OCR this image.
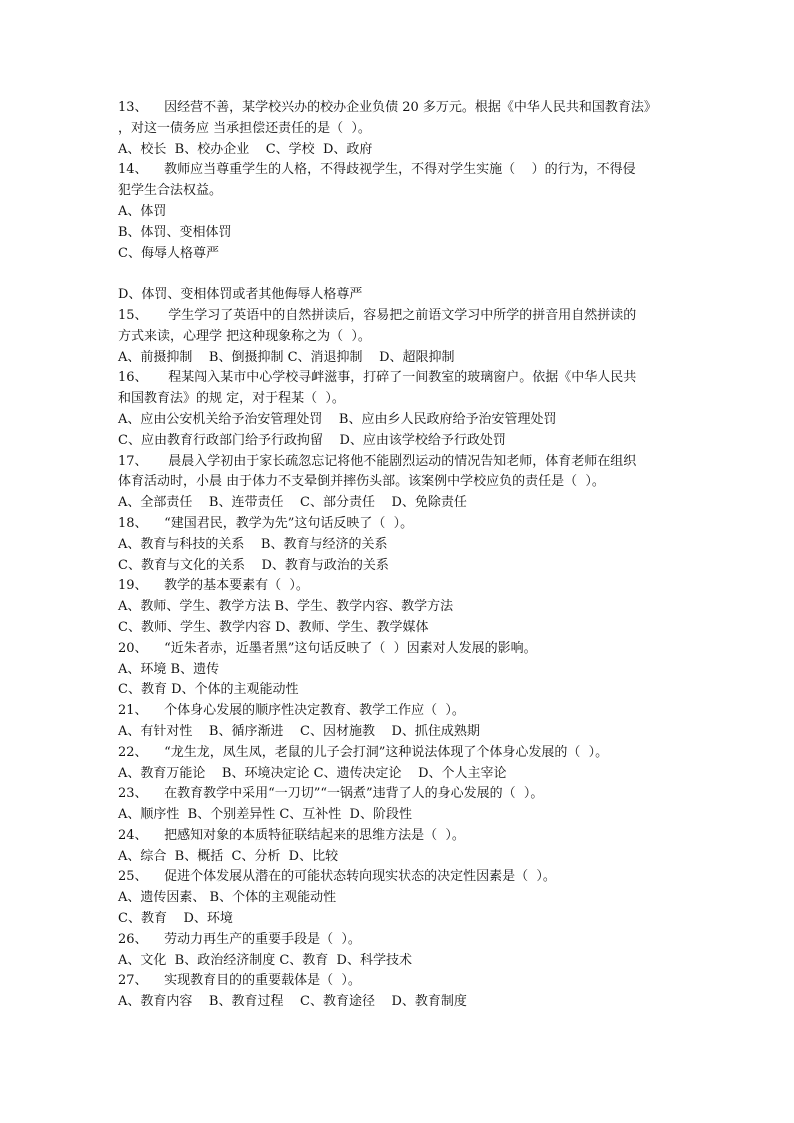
13、    因经营不善，某学校兴办的校办企业负债 20 多万元。根据《中华人民共和国教育法》
，对这一债务应 当承担偿还责任的是（  ）。
A、校长  B、校办企业    C、学校  D、政府
14、    教师应当尊重学生的人格，不得歧视学生，不得对学生实施（    ）的行为，不得侵
犯学生合法权益。
A、体罚
B、体罚、变相体罚
C、侮辱人格尊严
D、体罚、变相体罚或者其他侮辱人格尊严
15、     学生学习了英语中的自然拼读后，容易把之前语文学习中所学的拼音用自然拼读的
方式来读，心理学 把这种现象称之为（  ）。
A、前摄抑制    B、倒摄抑制 C、消退抑制    D、超限抑制
16、     程某闯入某市中心学校寻衅滋事，打碎了一间教室的玻璃窗户。依据《中华人民共
和国教育法》的规 定，对于程某（  ）。
A、应由公安机关给予治安管理处罚    B、应由乡人民政府给予治安管理处罚
C、应由教育行政部门给予行政拘留    D、应由该学校给予行政处罚
17、     晨晨入学初由于家长疏忽忘记将他不能剧烈运动的情况告知老师，体育老师在组织
体育活动时，小晨 由于体力不支晕倒并摔伤头部。该案例中学校应负的责任是（  ）。
A、全部责任    B、连带责任    C、部分责任    D、免除责任
18、    “建国君民，教学为先”这句话反映了（  ）。
A、教育与科技的关系    B、教育与经济的关系
C、教育与文化的关系    D、教育与政治的关系
19、    教学的基本要素有（  ）。
A、教师、学生、教学方法 B、学生、教学内容、教学方法
C、教师、学生、教学内容 D、教师、学生、教学媒体
20、    “近朱者赤，近墨者黑”这句话反映了（  ）因素对人发展的影响。
A、环境 B、遗传
C、教育 D、个体的主观能动性
21、    个体身心发展的顺序性决定教育、教学工作应（  ）。
A、有针对性    B、循序渐进    C、因材施教    D、抓住成熟期
22、    “龙生龙，凤生凤，老鼠的儿子会打洞”这种说法体现了个体身心发展的（  ）。
A、教育万能论    B、环境决定论 C、遗传决定论    D、个人主宰论
23、    在教育教学中采用“一刀切”“一锅煮”违背了人的身心发展的（  ）。
A、顺序性  B、个别差异性 C、互补性  D、阶段性
24、    把感知对象的本质特征联结起来的思维方法是（  ）。
A、综合  B、概括  C、分析  D、比较
25、    促进个体发展从潜在的可能状态转向现实状态的决定性因素是（  ）。
A、遗传因素、 B、个体的主观能动性
C、教育    D、环境
26、    劳动力再生产的重要手段是（  ）。
A、文化  B、政治经济制度 C、教育  D、科学技术
27、    实现教育目的的重要载体是（  ）。
A、教育内容    B、教育过程    C、教育途径    D、教育制度
